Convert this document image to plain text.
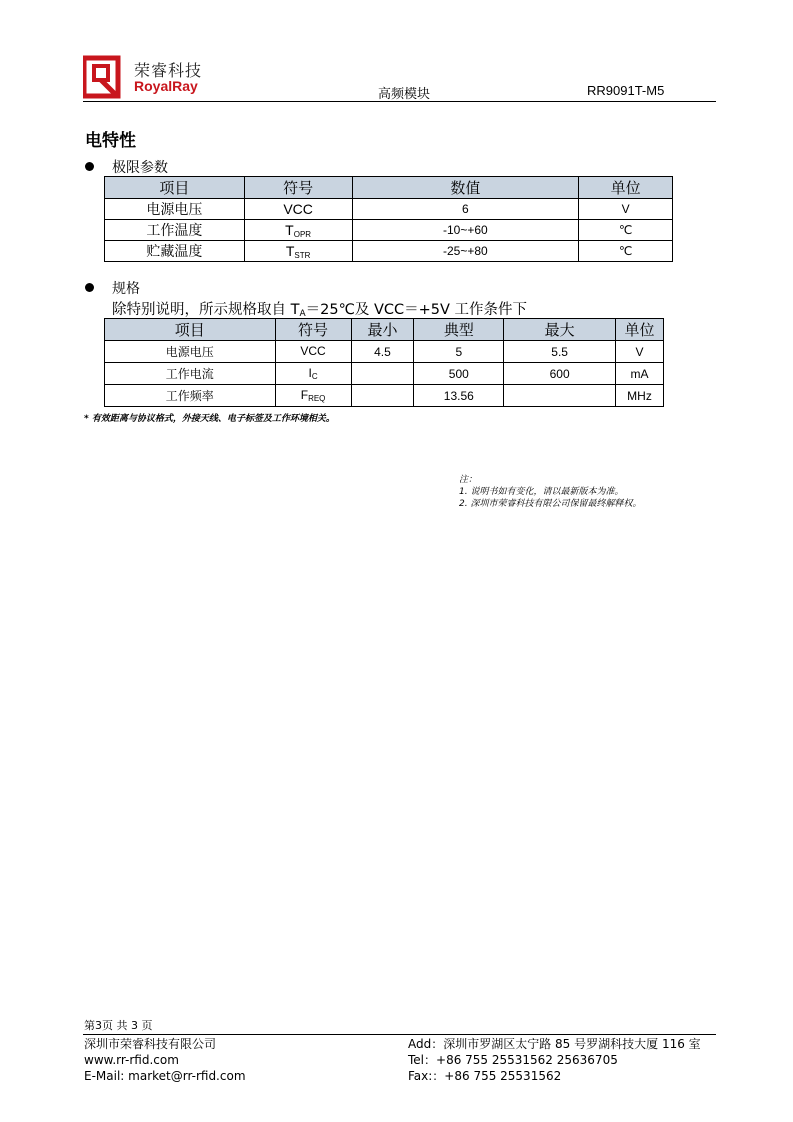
荣睿科技
RoyalRay
高频模块	RR9091T-M5
电特性
极限参数
项目	符号	数值	单位
电源电压	VCC	6	V
工作温度	$T_{OPR}$	-10~+60	℃
贮藏温度	$T_{STR}$	-25~+80	℃
规格
除特别说明，所示规格取自 $T_A=25℃$及 VCC＝+5V 工作条件下
项目	符号	最小	典型	最大	单位
电源电压	VCC	4.5	5	5.5	V
工作电流	$I_C$		500	600	mA
工作频率	$F_{REQ}$		13.56		MHz
* 有效距离与协议格式，外接天线、电子标签及工作环境相关。
注：
1. 说明书如有变化，请以最新版本为准。
2. 深圳市荣睿科技有限公司保留最终解释权。
第3页 共 3 页
深圳市荣睿科技有限公司
www.rr-rfid.com
E-Mail: market@rr-rfid.com
Add：深圳市罗湖区太宁路 85 号罗湖科技大厦 116 室
Tel：+86 755 25531562 25636705
Fax:：+86 755 25531562
